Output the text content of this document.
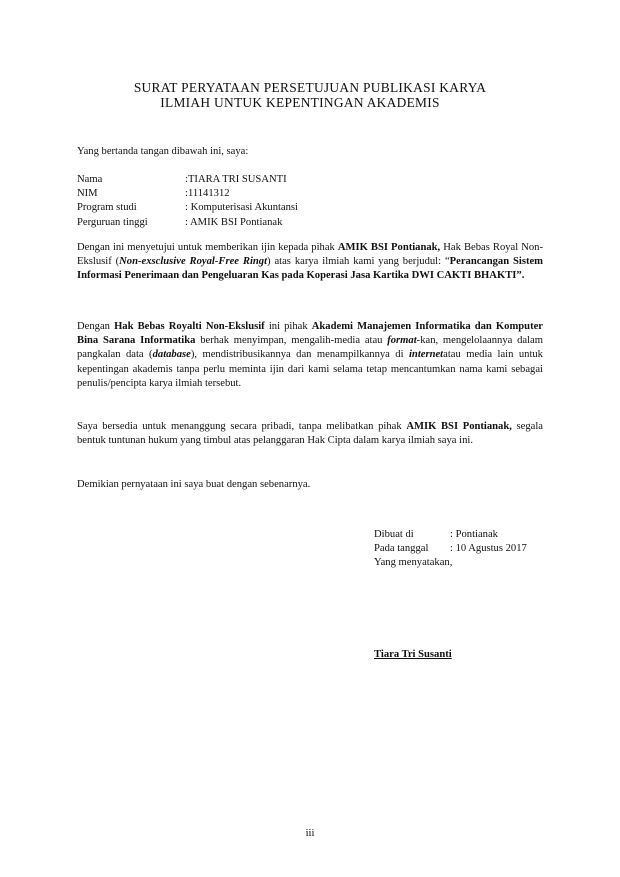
SURAT PERYATAAN PERSETUJUAN PUBLIKASI KARYA
ILMIAH UNTUK KEPENTINGAN AKADEMIS
Yang bertanda tangan dibawah ini, saya:
Nama	:TIARA TRI SUSANTI
NIM	:11141312
Program studi	: Komputerisasi Akuntansi
Perguruan tinggi	: AMIK BSI Pontianak
Dengan ini menyetujui untuk memberikan ijin kepada pihak AMIK BSI Pontianak, Hak Bebas Royal Non-Ekslusif (Non-exsclusive Royal-Free Ringt) atas karya ilmiah kami yang berjudul: “Perancangan Sistem Informasi Penerimaan dan Pengeluaran Kas pada Koperasi Jasa Kartika DWI CAKTI BHAKTI”.
Dengan Hak Bebas Royalti Non-Ekslusif ini pihak Akademi Manajemen Informatika dan Komputer Bina Sarana Informatika berhak menyimpan, mengalih-media atau format-kan, mengelolaannya dalam pangkalan data (database), mendistribusikannya dan menampilkannya di internetatau media lain untuk kepentingan akademis tanpa perlu meminta ijin dari kami selama tetap mencantumkan nama kami sebagai penulis/pencipta karya ilmiah tersebut.
Saya bersedia untuk menanggung secara pribadi, tanpa melibatkan pihak AMIK BSI Pontianak, segala bentuk tuntunan hukum yang timbul atas pelanggaran Hak Cipta dalam karya ilmiah saya ini.
Demikian pernyataan ini saya buat dengan sebenarnya.
Dibuat di	: Pontianak
Pada tanggal	: 10 Agustus 2017
Yang menyatakan,
Tiara Tri Susanti
iii
